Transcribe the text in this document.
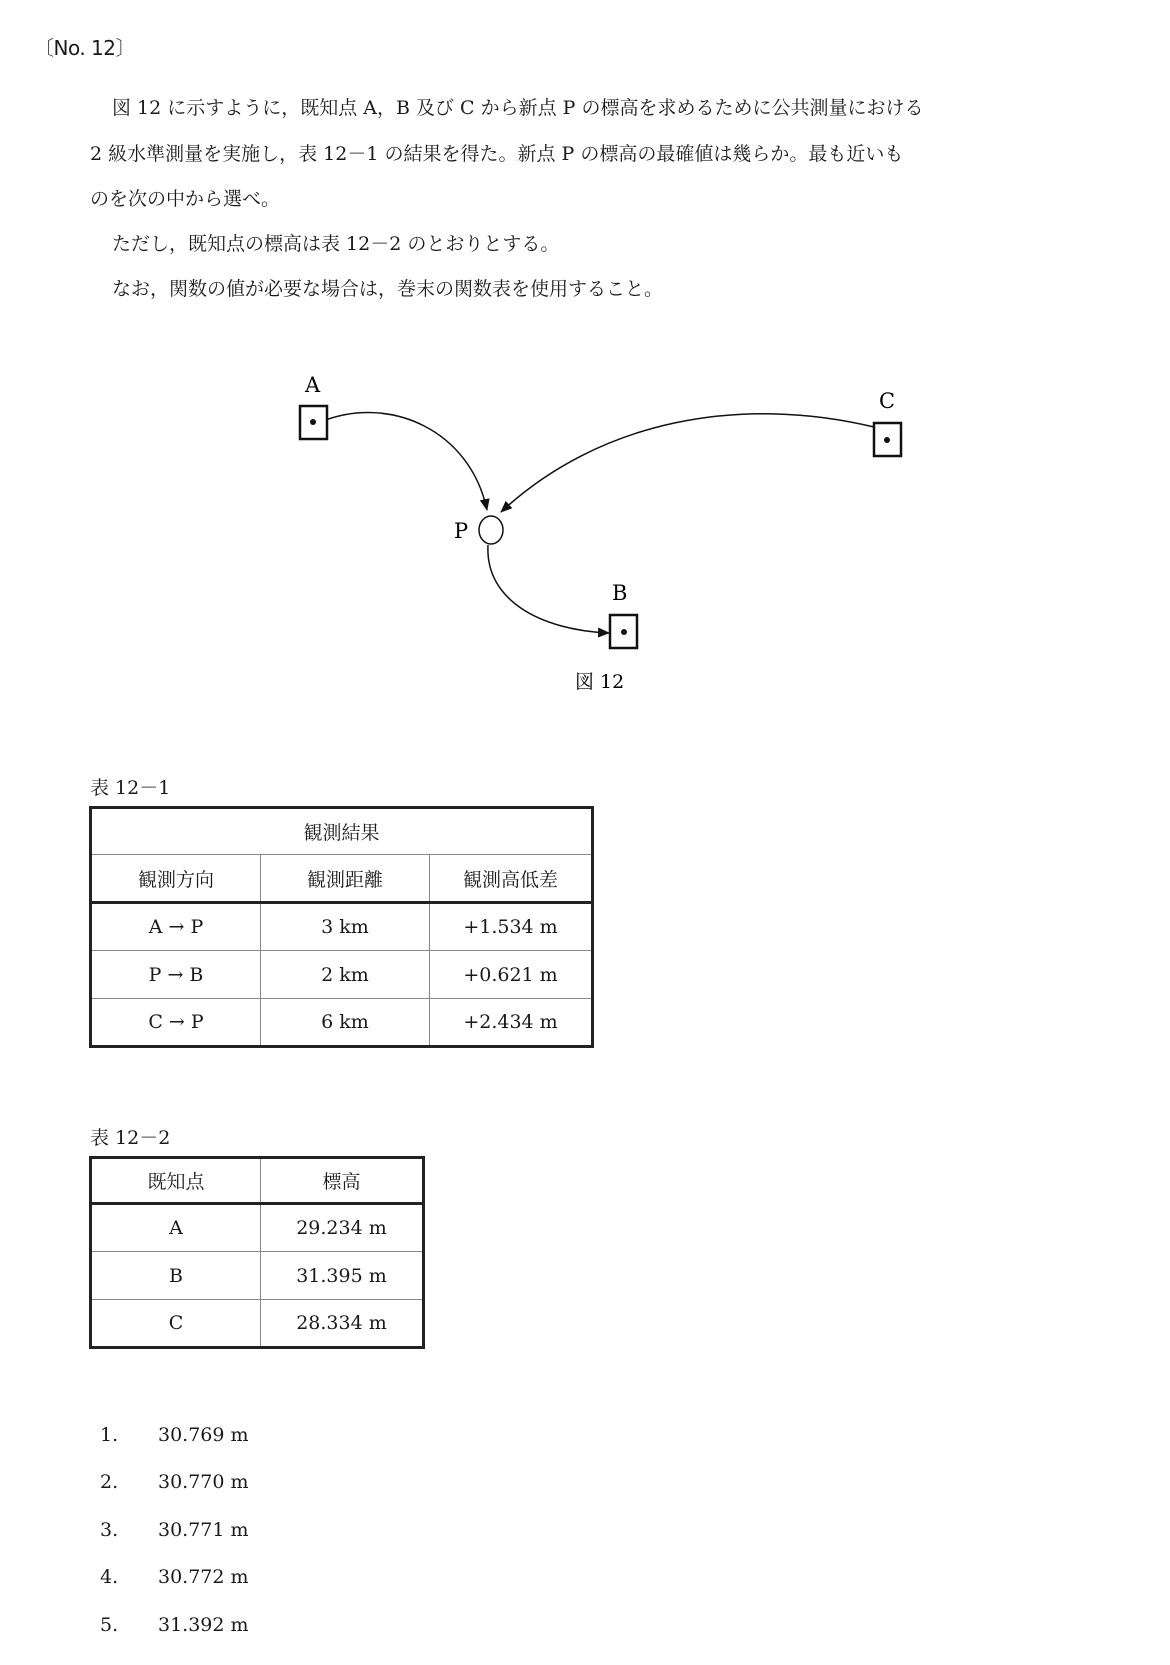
〔No. 12〕
図 12 に示すように，既知点 A，B 及び C から新点 P の標高を求めるために公共測量における
2 級水準測量を実施し，表 12－1 の結果を得た。新点 P の標高の最確値は幾らか。最も近いも
のを次の中から選べ。
ただし，既知点の標高は表 12－2 のとおりとする。
なお，関数の値が必要な場合は，巻末の関数表を使用すること。
A
C
B
P
図 12
表 12－1
観測結果		
観測方向	観測距離	観測高低差
A → P	3 km	+1.534 m
P → B	2 km	+0.621 m
C → P	6 km	+2.434 m
表 12－2
既知点	標高
A	29.234 m
B	31.395 m
C	28.334 m
1. 30.769 m
2. 30.770 m
3. 30.771 m
4. 30.772 m
5. 31.392 m
